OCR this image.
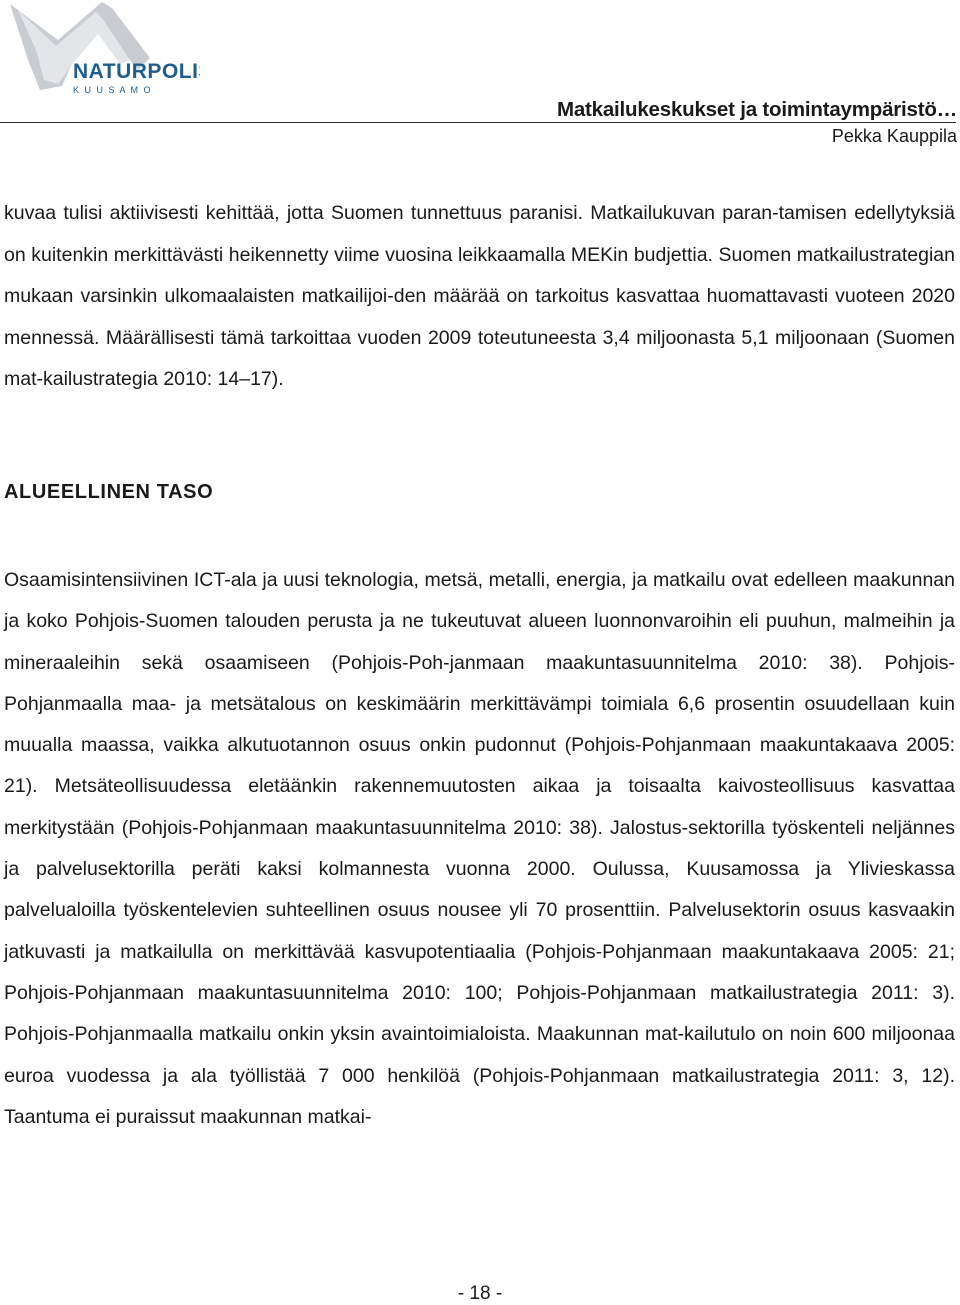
NATURPOLIS
K U U S A M O
Matkailukeskukset ja toimintaympäristö…
Pekka Kauppila

kuvaa tulisi aktiivisesti kehittää, jotta Suomen tunnettuus paranisi. Matkailukuvan paran-tamisen edellytyksiä on kuitenkin merkittävästi heikennetty viime vuosina leikkaamalla MEKin budjettia. Suomen matkailustrategian mukaan varsinkin ulkomaalaisten matkailijoi-den määrää on tarkoitus kasvattaa huomattavasti vuoteen 2020 mennessä. Määrällisesti tämä tarkoittaa vuoden 2009 toteutuneesta 3,4 miljoonasta 5,1 miljoonaan (Suomen mat-kailustrategia 2010: 14–17).

ALUEELLINEN TASO

Osaamisintensiivinen ICT-ala ja uusi teknologia, metsä, metalli, energia, ja matkailu ovat edelleen maakunnan ja koko Pohjois-Suomen talouden perusta ja ne tukeutuvat alueen luonnonvaroihin eli puuhun, malmeihin ja mineraaleihin sekä osaamiseen (Pohjois-Poh-janmaan maakuntasuunnitelma 2010: 38). Pohjois-Pohjanmaalla maa- ja metsätalous on keskimäärin merkittävämpi toimiala 6,6 prosentin osuudellaan kuin muualla maassa, vaikka alkutuotannon osuus onkin pudonnut (Pohjois-Pohjanmaan maakuntakaava 2005: 21). Metsäteollisuudessa eletäänkin rakennemuutosten aikaa ja toisaalta kaivosteollisuus kasvattaa merkitystään (Pohjois-Pohjanmaan maakuntasuunnitelma 2010: 38). Jalostus-sektorilla työskenteli neljännes ja palvelusektorilla peräti kaksi kolmannesta vuonna 2000. Oulussa, Kuusamossa ja Ylivieskassa palvelualoilla työskentelevien suhteellinen osuus nousee yli 70 prosenttiin. Palvelusektorin osuus kasvaakin jatkuvasti ja matkailulla on merkittävää kasvupotentiaalia (Pohjois-Pohjanmaan maakuntakaava 2005: 21; Pohjois-Pohjanmaan maakuntasuunnitelma 2010: 100; Pohjois-Pohjanmaan matkailustrategia 2011: 3). Pohjois-Pohjanmaalla matkailu onkin yksin avaintoimialoista. Maakunnan mat-kailutulo on noin 600 miljoonaa euroa vuodessa ja ala työllistää 7 000 henkilöä (Pohjois-Pohjanmaan matkailustrategia 2011: 3, 12). Taantuma ei puraissut maakunnan matkai-

- 18 -
